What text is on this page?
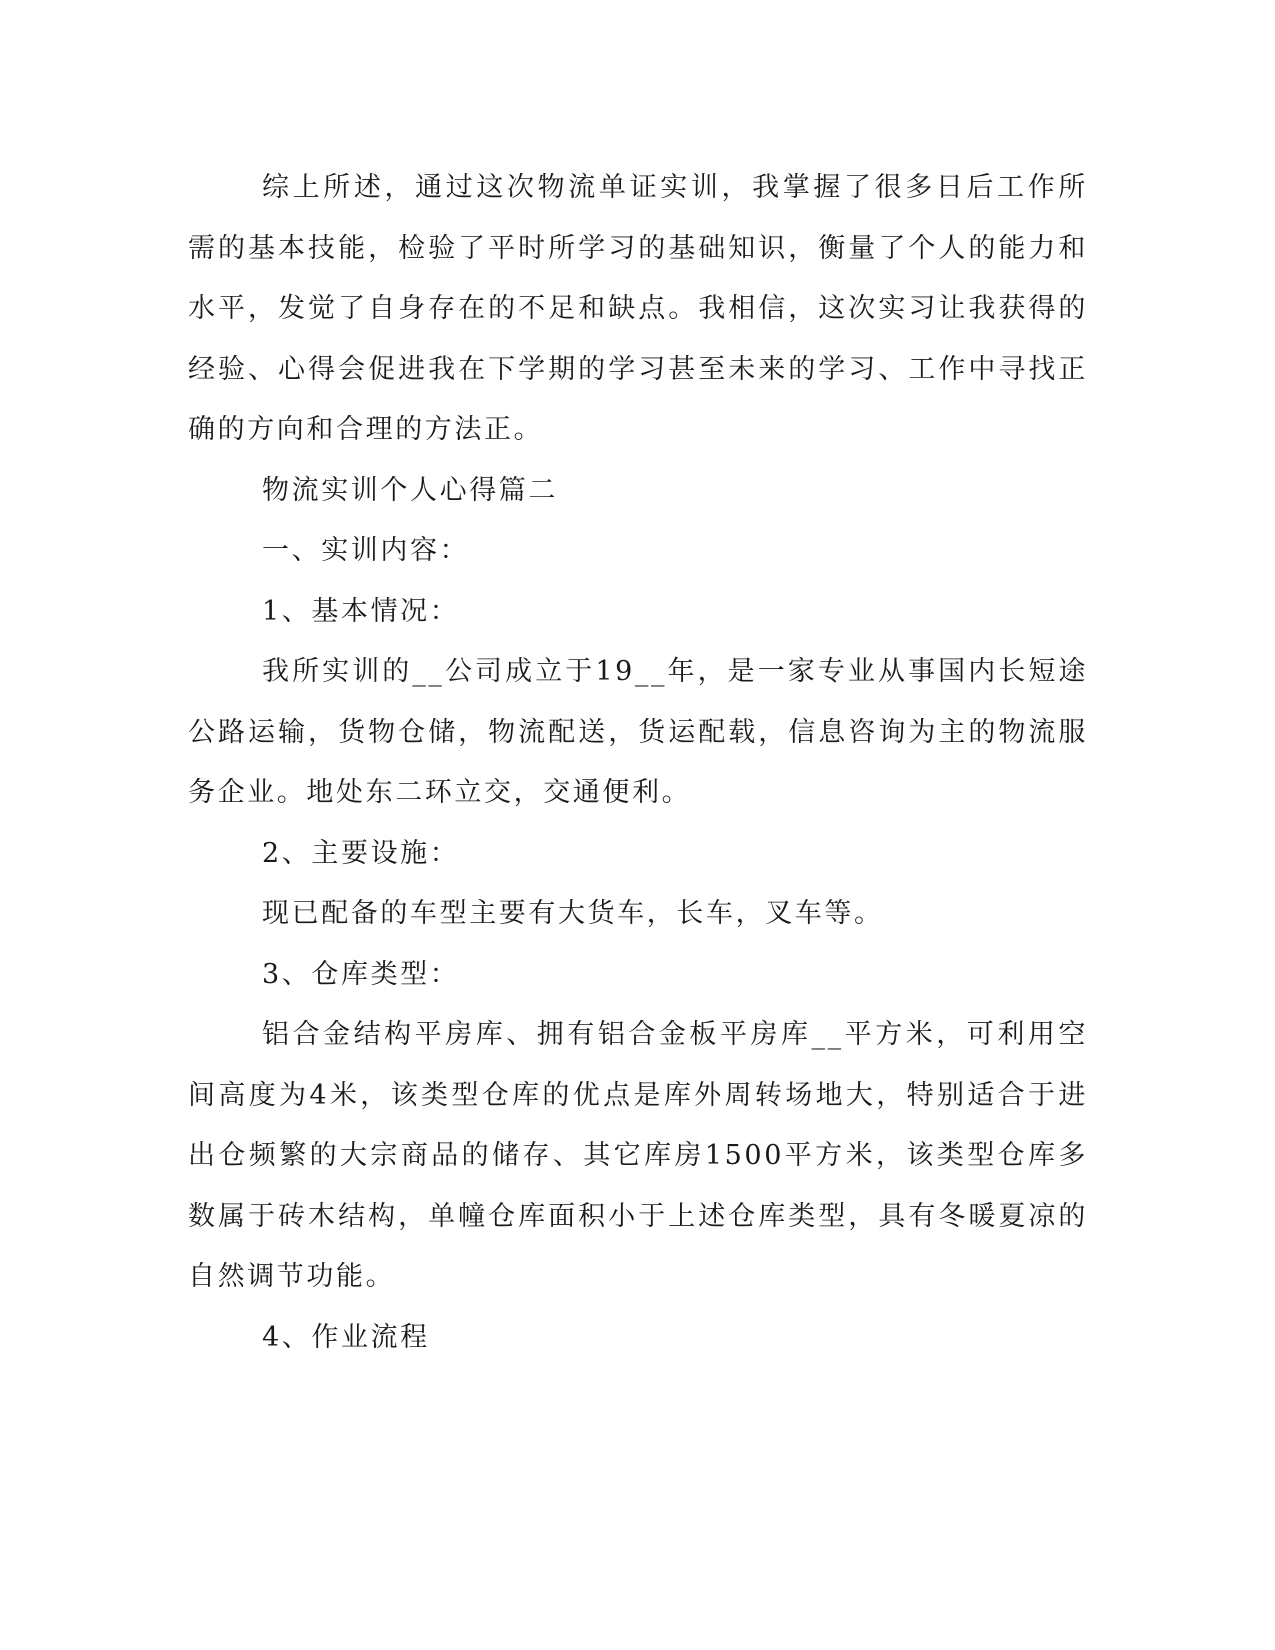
综上所述，通过这次物流单证实训，我掌握了很多日后工作所需的基本技能，检验了平时所学习的基础知识，衡量了个人的能力和水平，发觉了自身存在的不足和缺点。我相信，这次实习让我获得的经验、心得会促进我在下学期的学习甚至未来的学习、工作中寻找正确的方向和合理的方法正。

物流实训个人心得篇二

一、实训内容：

1、基本情况：

我所实训的__公司成立于19__年，是一家专业从事国内长短途公路运输，货物仓储，物流配送，货运配载，信息咨询为主的物流服务企业。地处东二环立交，交通便利。

2、主要设施：

现已配备的车型主要有大货车，长车，叉车等。

3、仓库类型：

铝合金结构平房库、拥有铝合金板平房库__平方米，可利用空间高度为4米，该类型仓库的优点是库外周转场地大，特别适合于进出仓频繁的大宗商品的储存、其它库房1500平方米，该类型仓库多数属于砖木结构，单幢仓库面积小于上述仓库类型，具有冬暖夏凉的自然调节功能。

4、作业流程
